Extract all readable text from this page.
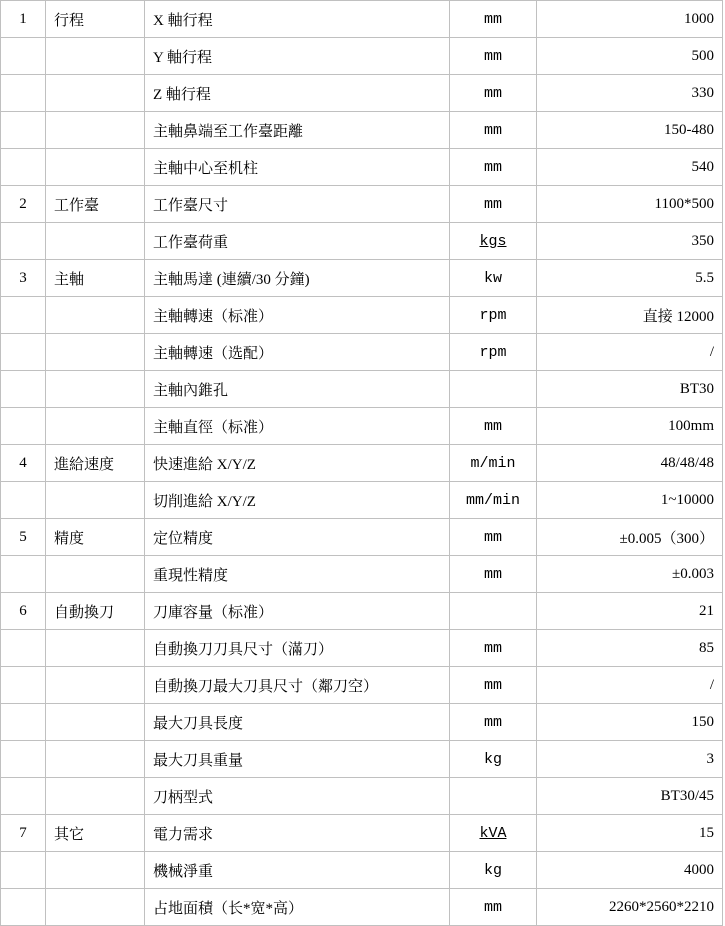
1	行程	X 軸行程	mm	1000
		Y 軸行程	mm	500
		Z 軸行程	mm	330
		主軸鼻端至工作臺距離	mm	150-480
		主軸中心至机柱	mm	540
2	工作臺	工作臺尺寸	mm	1100*500
		工作臺荷重	kgs	350
3	主軸	主軸馬達 (連續/30 分鐘)	kw	5.5
		主軸轉速（标准）	rpm	直接 12000
		主軸轉速（选配）	rpm	/
		主軸內錐孔		BT30
		主軸直徑（标准）	mm	100mm
4	進給速度	快速進給 X/Y/Z	m/min	48/48/48
		切削進給 X/Y/Z	mm/min	1~10000
5	精度	定位精度	mm	±0.005（300）
		重現性精度	mm	±0.003
6	自動換刀	刀庫容量（标准）		21
		自動換刀刀具尺寸（滿刀）	mm	85
		自動換刀最大刀具尺寸（鄰刀空）	mm	/
		最大刀具長度	mm	150
		最大刀具重量	kg	3
		刀柄型式		BT30/45
7	其它	電力需求	kVA	15
		機械淨重	kg	4000
		占地面積（长*宽*高）	mm	2260*2560*2210
